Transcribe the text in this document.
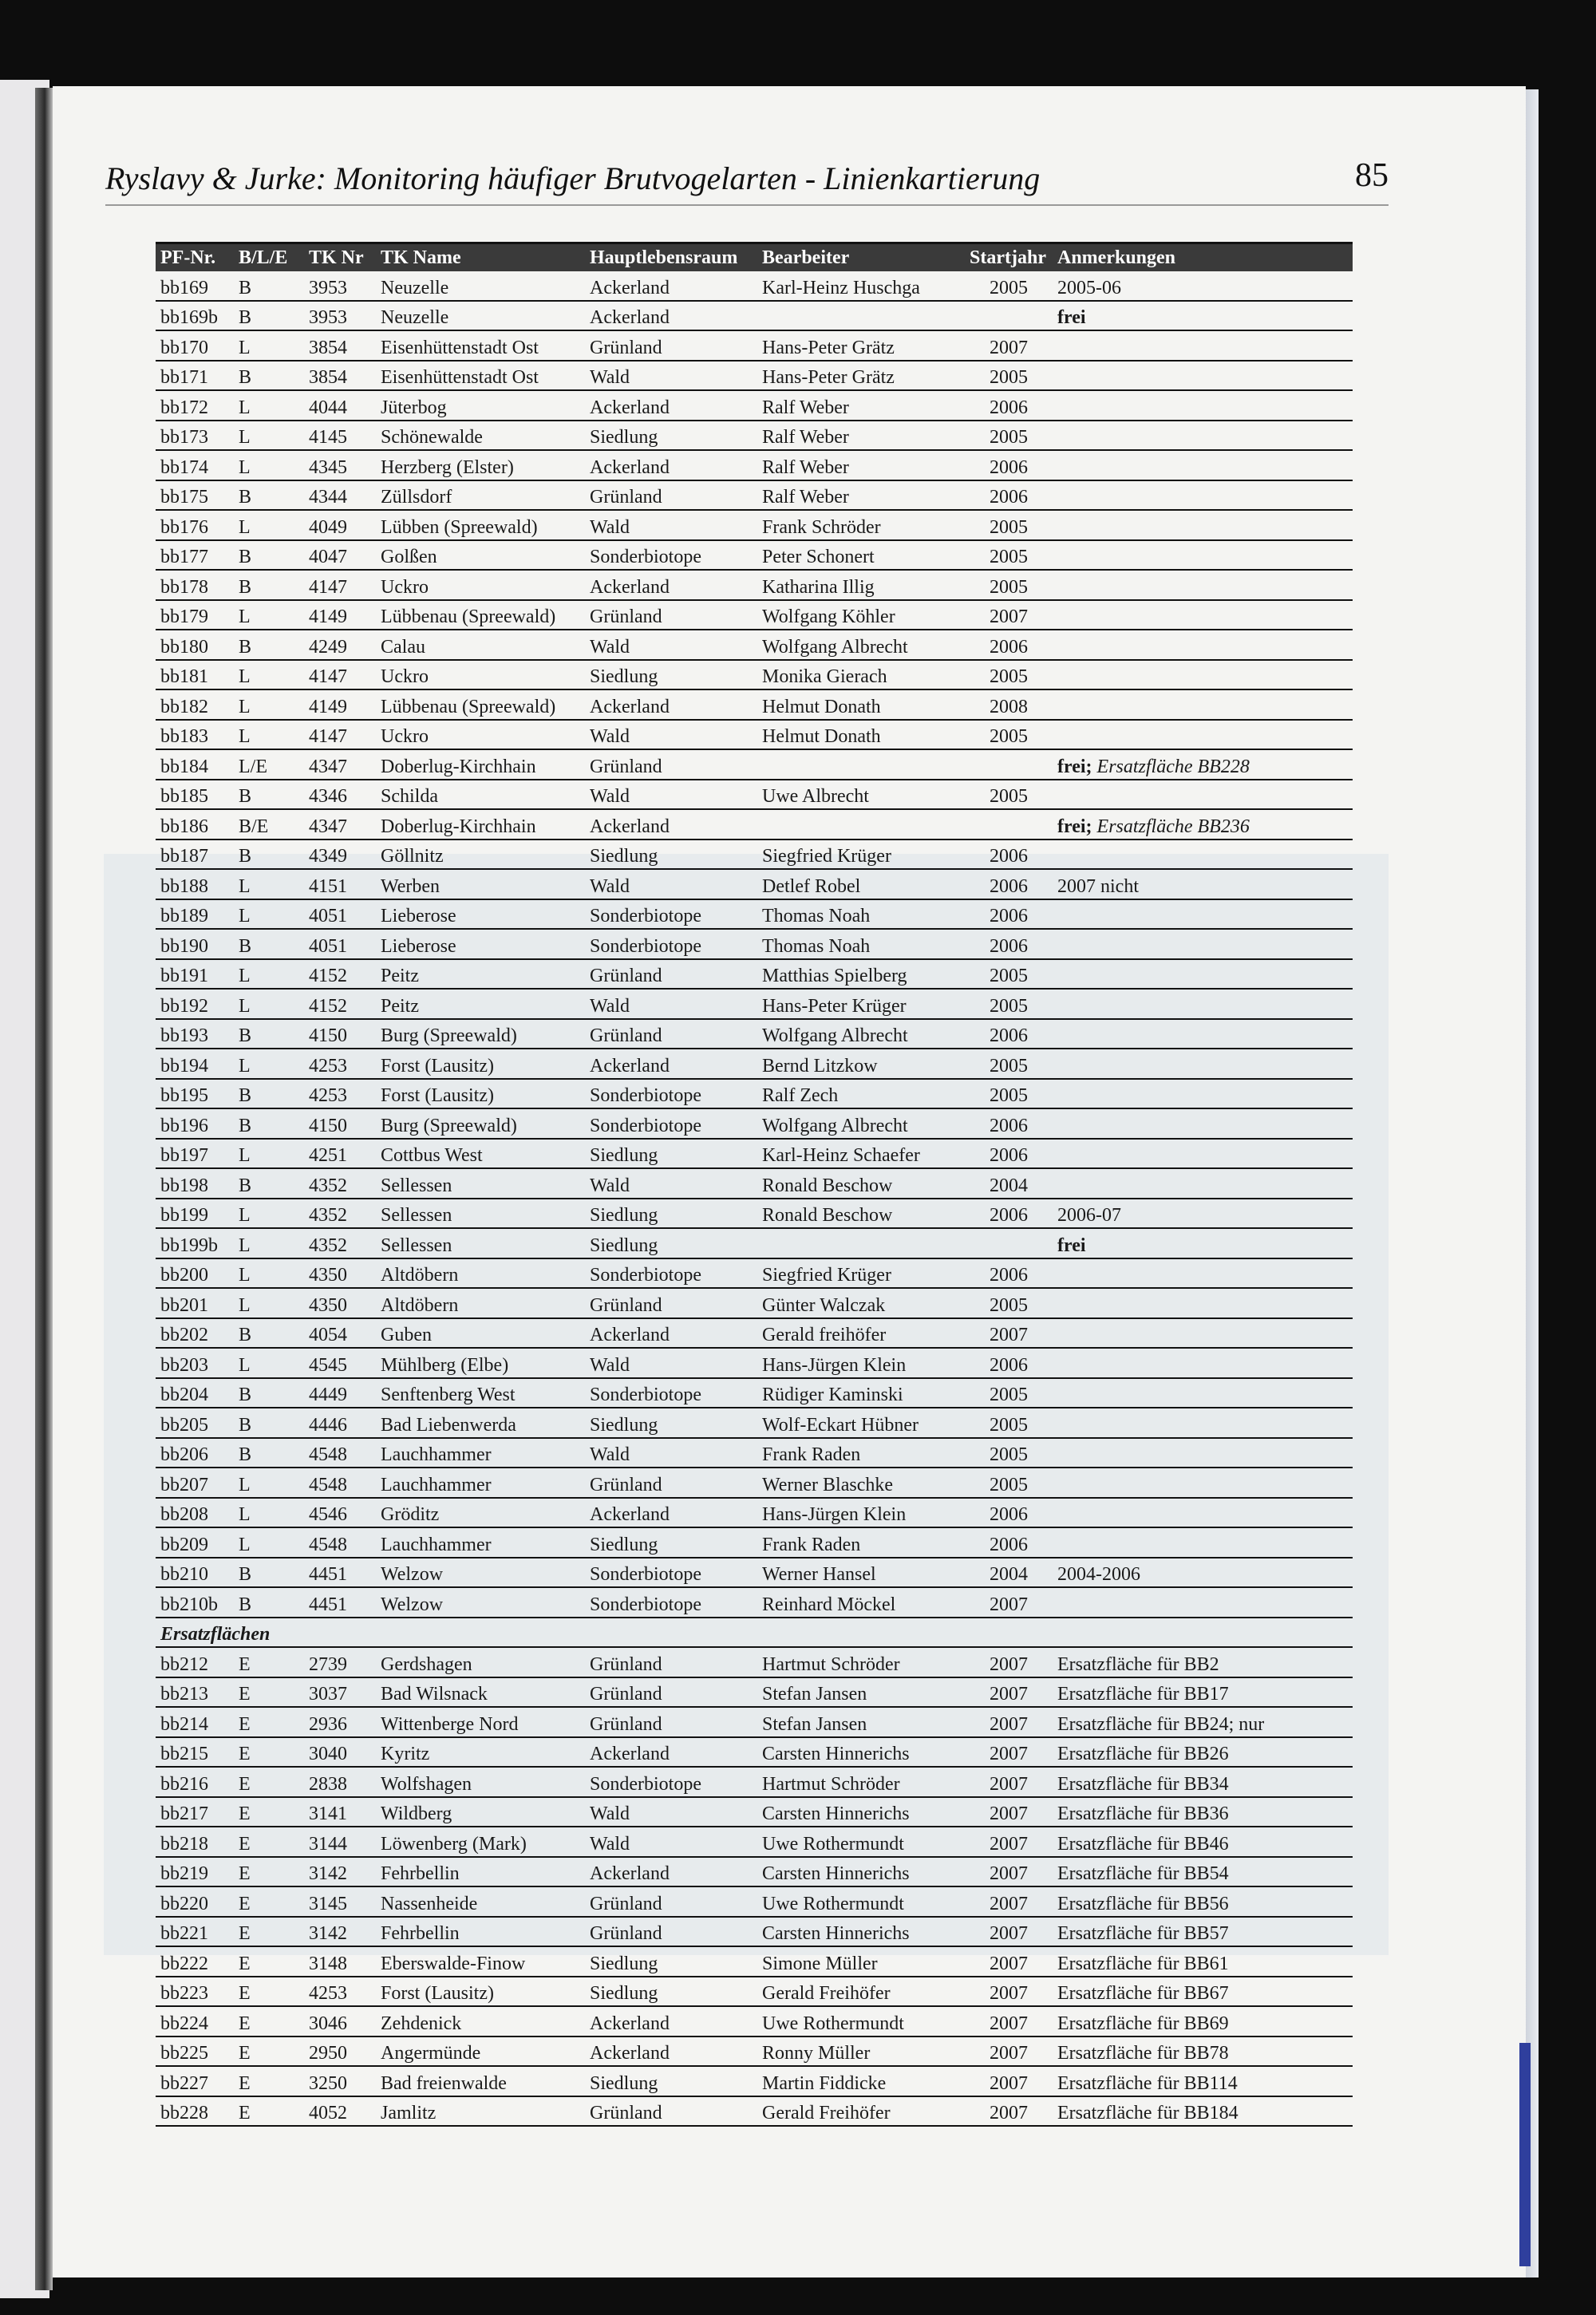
Ryslavy & Jurke: Monitoring häufiger Brutvogelarten - Linienkartierung	85
PF-Nr.	B/L/E	TK Nr	TK Name	Hauptlebensraum	Bearbeiter	Startjahr	Anmerkungen
bb169	B	3953	Neuzelle	Ackerland	Karl-Heinz Huschga	2005	2005-06
bb169b	B	3953	Neuzelle	Ackerland			frei
bb170	L	3854	Eisenhüttenstadt Ost	Grünland	Hans-Peter Grätz	2007	
bb171	B	3854	Eisenhüttenstadt Ost	Wald	Hans-Peter Grätz	2005	
bb172	L	4044	Jüterbog	Ackerland	Ralf Weber	2006	
bb173	L	4145	Schönewalde	Siedlung	Ralf Weber	2005	
bb174	L	4345	Herzberg (Elster)	Ackerland	Ralf Weber	2006	
bb175	B	4344	Züllsdorf	Grünland	Ralf Weber	2006	
bb176	L	4049	Lübben (Spreewald)	Wald	Frank Schröder	2005	
bb177	B	4047	Golßen	Sonderbiotope	Peter Schonert	2005	
bb178	B	4147	Uckro	Ackerland	Katharina Illig	2005	
bb179	L	4149	Lübbenau (Spreewald)	Grünland	Wolfgang Köhler	2007	
bb180	B	4249	Calau	Wald	Wolfgang Albrecht	2006	
bb181	L	4147	Uckro	Siedlung	Monika Gierach	2005	
bb182	L	4149	Lübbenau (Spreewald)	Ackerland	Helmut Donath	2008	
bb183	L	4147	Uckro	Wald	Helmut Donath	2005	
bb184	L/E	4347	Doberlug-Kirchhain	Grünland			frei; Ersatzfläche BB228
bb185	B	4346	Schilda	Wald	Uwe Albrecht	2005	
bb186	B/E	4347	Doberlug-Kirchhain	Ackerland			frei; Ersatzfläche BB236
bb187	B	4349	Göllnitz	Siedlung	Siegfried Krüger	2006	
bb188	L	4151	Werben	Wald	Detlef Robel	2006	2007 nicht
bb189	L	4051	Lieberose	Sonderbiotope	Thomas Noah	2006	
bb190	B	4051	Lieberose	Sonderbiotope	Thomas Noah	2006	
bb191	L	4152	Peitz	Grünland	Matthias Spielberg	2005	
bb192	L	4152	Peitz	Wald	Hans-Peter Krüger	2005	
bb193	B	4150	Burg (Spreewald)	Grünland	Wolfgang Albrecht	2006	
bb194	L	4253	Forst (Lausitz)	Ackerland	Bernd Litzkow	2005	
bb195	B	4253	Forst (Lausitz)	Sonderbiotope	Ralf Zech	2005	
bb196	B	4150	Burg (Spreewald)	Sonderbiotope	Wolfgang Albrecht	2006	
bb197	L	4251	Cottbus West	Siedlung	Karl-Heinz Schaefer	2006	
bb198	B	4352	Sellessen	Wald	Ronald Beschow	2004	
bb199	L	4352	Sellessen	Siedlung	Ronald Beschow	2006	2006-07
bb199b	L	4352	Sellessen	Siedlung			frei
bb200	L	4350	Altdöbern	Sonderbiotope	Siegfried Krüger	2006	
bb201	L	4350	Altdöbern	Grünland	Günter Walczak	2005	
bb202	B	4054	Guben	Ackerland	Gerald freihöfer	2007	
bb203	L	4545	Mühlberg (Elbe)	Wald	Hans-Jürgen Klein	2006	
bb204	B	4449	Senftenberg West	Sonderbiotope	Rüdiger Kaminski	2005	
bb205	B	4446	Bad Liebenwerda	Siedlung	Wolf-Eckart Hübner	2005	
bb206	B	4548	Lauchhammer	Wald	Frank Raden	2005	
bb207	L	4548	Lauchhammer	Grünland	Werner Blaschke	2005	
bb208	L	4546	Gröditz	Ackerland	Hans-Jürgen Klein	2006	
bb209	L	4548	Lauchhammer	Siedlung	Frank Raden	2006	
bb210	B	4451	Welzow	Sonderbiotope	Werner Hansel	2004	2004-2006
bb210b	B	4451	Welzow	Sonderbiotope	Reinhard Möckel	2007	
Ersatzflächen							
bb212	E	2739	Gerdshagen	Grünland	Hartmut Schröder	2007	Ersatzfläche für BB2
bb213	E	3037	Bad Wilsnack	Grünland	Stefan Jansen	2007	Ersatzfläche für BB17
bb214	E	2936	Wittenberge Nord	Grünland	Stefan Jansen	2007	Ersatzfläche für BB24; nur
bb215	E	3040	Kyritz	Ackerland	Carsten Hinnerichs	2007	Ersatzfläche für BB26
bb216	E	2838	Wolfshagen	Sonderbiotope	Hartmut Schröder	2007	Ersatzfläche für BB34
bb217	E	3141	Wildberg	Wald	Carsten Hinnerichs	2007	Ersatzfläche für BB36
bb218	E	3144	Löwenberg (Mark)	Wald	Uwe Rothermundt	2007	Ersatzfläche für BB46
bb219	E	3142	Fehrbellin	Ackerland	Carsten Hinnerichs	2007	Ersatzfläche für BB54
bb220	E	3145	Nassenheide	Grünland	Uwe Rothermundt	2007	Ersatzfläche für BB56
bb221	E	3142	Fehrbellin	Grünland	Carsten Hinnerichs	2007	Ersatzfläche für BB57
bb222	E	3148	Eberswalde-Finow	Siedlung	Simone Müller	2007	Ersatzfläche für BB61
bb223	E	4253	Forst (Lausitz)	Siedlung	Gerald Freihöfer	2007	Ersatzfläche für BB67
bb224	E	3046	Zehdenick	Ackerland	Uwe Rothermundt	2007	Ersatzfläche für BB69
bb225	E	2950	Angermünde	Ackerland	Ronny Müller	2007	Ersatzfläche für BB78
bb227	E	3250	Bad freienwalde	Siedlung	Martin Fiddicke	2007	Ersatzfläche für BB114
bb228	E	4052	Jamlitz	Grünland	Gerald Freihöfer	2007	Ersatzfläche für BB184
